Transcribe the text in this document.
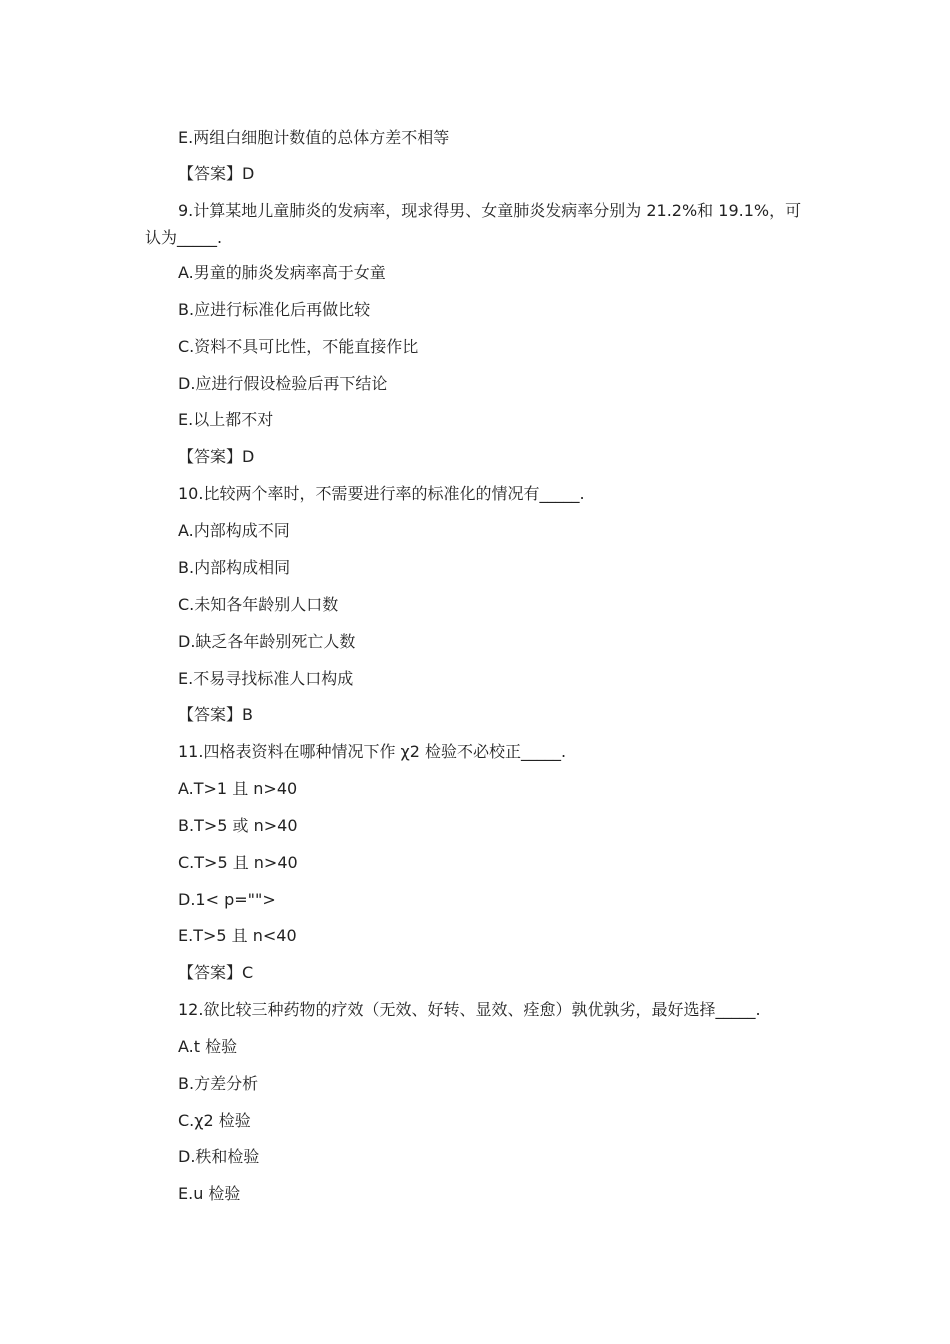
E.两组白细胞计数值的总体方差不相等
【答案】D
9.计算某地儿童肺炎的发病率，现求得男、女童肺炎发病率分别为 21.2%和 19.1%，可
认为_____.
A.男童的肺炎发病率高于女童
B.应进行标准化后再做比较
C.资料不具可比性，不能直接作比
D.应进行假设检验后再下结论
E.以上都不对
【答案】D
10.比较两个率时，不需要进行率的标准化的情况有_____.
A.内部构成不同
B.内部构成相同
C.未知各年龄别人口数
D.缺乏各年龄别死亡人数
E.不易寻找标准人口构成
【答案】B
11.四格表资料在哪种情况下作 χ2 检验不必校正_____.
A.T>1 且 n>40
B.T>5 或 n>40
C.T>5 且 n>40
D.1< p="">
E.T>5 且 n<40
【答案】C
12.欲比较三种药物的疗效（无效、好转、显效、痊愈）孰优孰劣，最好选择_____.
A.t 检验
B.方差分析
C.χ2 检验
D.秩和检验
E.u 检验
